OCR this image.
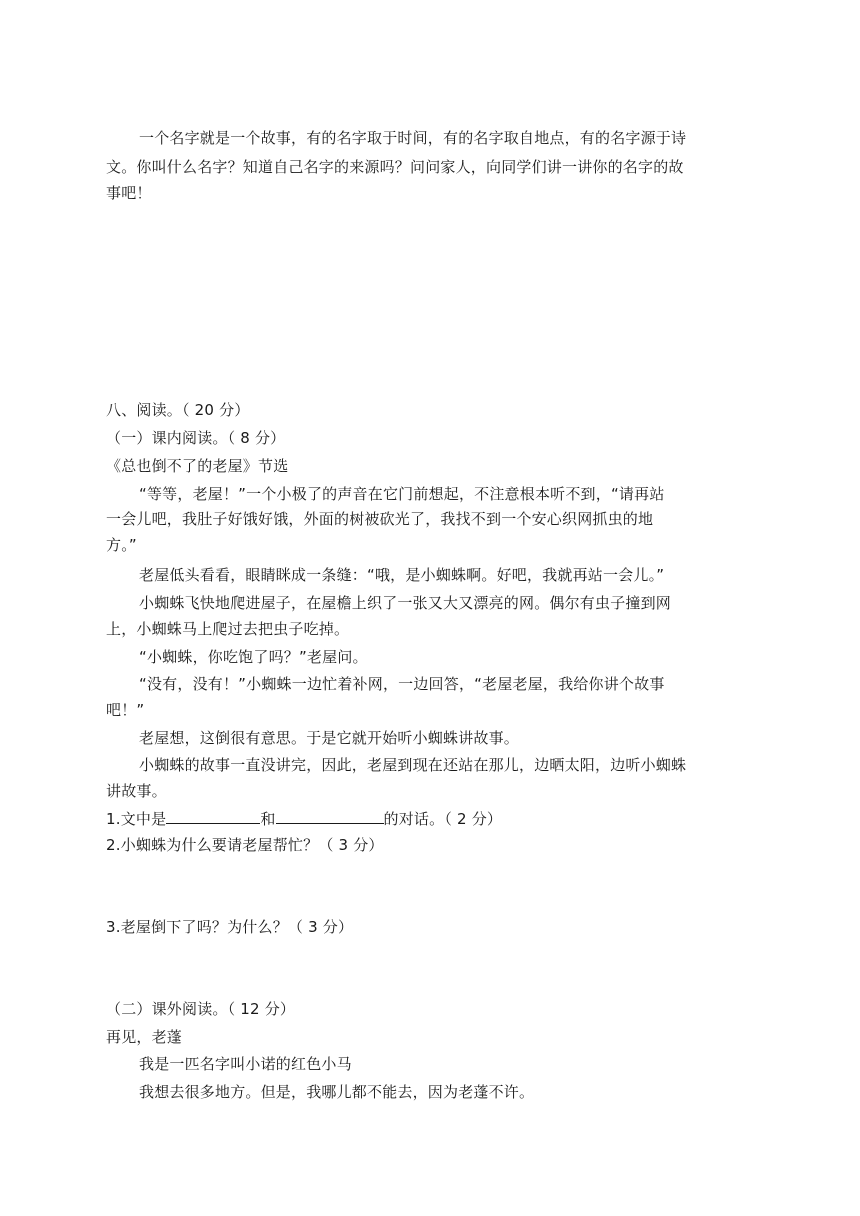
一个名字就是一个故事，有的名字取于时间，有的名字取自地点，有的名字源于诗
文。你叫什么名字？知道自己名字的来源吗？问问家人，向同学们讲一讲你的名字的故
事吧！
八、阅读。（ 20 分）
（一）课内阅读。（ 8 分）
《总也倒不了的老屋》节选
“等等，老屋！”一个小极了的声音在它门前想起，不注意根本听不到，“请再站
一会儿吧，我肚子好饿好饿，外面的树被砍光了，我找不到一个安心织网抓虫的地
方。”
老屋低头看看，眼睛眯成一条缝：“哦，是小蜘蛛啊。好吧，我就再站一会儿。”
小蜘蛛飞快地爬进屋子，在屋檐上织了一张又大又漂亮的网。偶尔有虫子撞到网
上，小蜘蛛马上爬过去把虫子吃掉。
“小蜘蛛，你吃饱了吗？”老屋问。
“没有，没有！”小蜘蛛一边忙着补网，一边回答，“老屋老屋，我给你讲个故事
吧！”
老屋想，这倒很有意思。于是它就开始听小蜘蛛讲故事。
小蜘蛛的故事一直没讲完，因此，老屋到现在还站在那儿，边晒太阳，边听小蜘蛛
讲故事。
1.文中是	和	的对话。（ 2 分）
2.小蜘蛛为什么要请老屋帮忙？（ 3 分）
3.老屋倒下了吗？为什么？（ 3 分）
（二）课外阅读。（ 12 分）
再见，老蓬
我是一匹名字叫小诺的红色小马
我想去很多地方。但是，我哪儿都不能去，因为老蓬不许。
